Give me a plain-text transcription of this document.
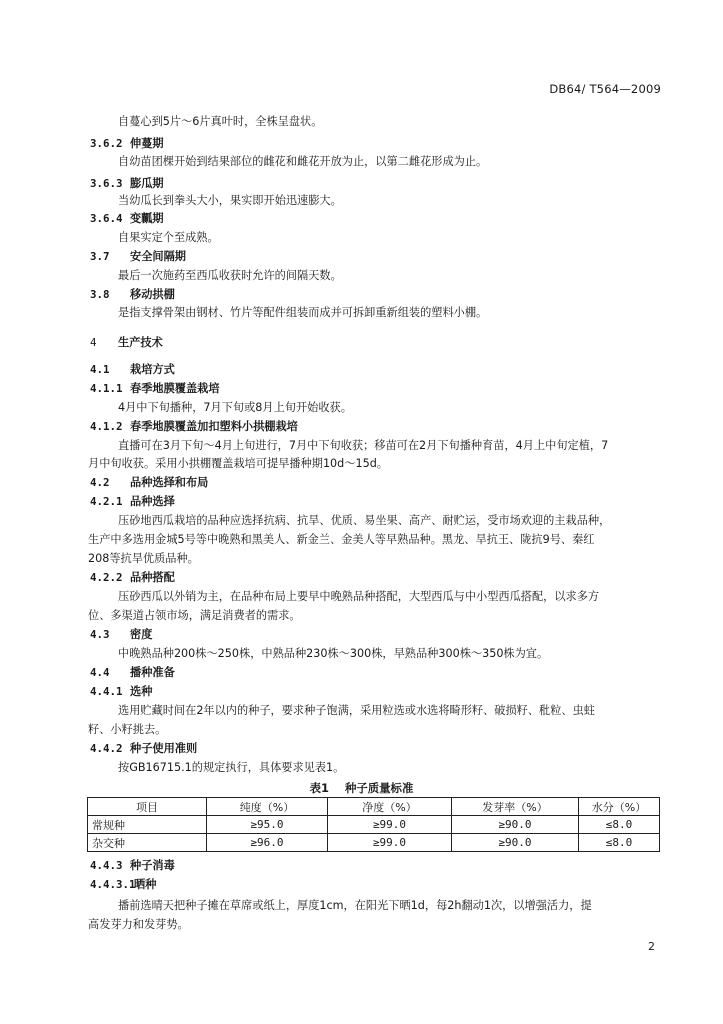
DB64/ T564—2009
自蔓心到5片～6片真叶时，全株呈盘状。
3.6.2 伸蔓期
自幼苗团棵开始到结果部位的雌花和雌花开放为止，以第二雌花形成为止。
3.6.3 膨瓜期
当幼瓜长到拳头大小，果实即开始迅速膨大。
3.6.4 变瓤期
自果实定个至成熟。
3.7 安全间隔期
最后一次施药至西瓜收获时允许的间隔天数。
3.8 移动拱棚
是指支撑骨架由钢材、竹片等配件组装而成并可拆卸重新组装的塑料小棚。
4 生产技术
4.1 栽培方式
4.1.1 春季地膜覆盖栽培
4月中下旬播种，7月下旬或8月上旬开始收获。
4.1.2 春季地膜覆盖加扣塑料小拱棚栽培
直播可在3月下旬～4月上旬进行，7月中下旬收获；移苗可在2月下旬播种育苗，4月上中旬定植，7
月中旬收获。采用小拱棚覆盖栽培可提早播种期10d～15d。
4.2 品种选择和布局
4.2.1 品种选择
压砂地西瓜栽培的品种应选择抗病、抗旱、优质、易坐果、高产、耐贮运，受市场欢迎的主栽品种，
生产中多选用金城5号等中晚熟和黑美人、新金兰、金美人等早熟品种。黑龙、旱抗王、陇抗9号、秦红
208等抗旱优质品种。
4.2.2 品种搭配
压砂西瓜以外销为主，在品种布局上要早中晚熟品种搭配，大型西瓜与中小型西瓜搭配，以求多方
位、多渠道占领市场，满足消费者的需求。
4.3 密度
中晚熟品种200株～250株，中熟品种230株～300株，早熟品种300株～350株为宜。
4.4 播种准备
4.4.1 选种
选用贮藏时间在2年以内的种子，要求种子饱满，采用粒选或水选将畸形籽、破损籽、秕粒、虫蛀
籽、小籽挑去。
4.4.2 种子使用准则
按GB16715.1的规定执行，具体要求见表1。
表1 种子质量标准
项目	纯度（%）	净度（%）	发芽率（%）	水分（%）
常规种	≥95.0	≥99.0	≥90.0	≤8.0
杂交种	≥96.0	≥99.0	≥90.0	≤8.0
4.4.3 种子消毒
4.4.3.1晒种
播前选晴天把种子摊在草席或纸上，厚度1cm，在阳光下晒1d，每2h翻动1次，以增强活力，提
高发芽力和发芽势。
2
